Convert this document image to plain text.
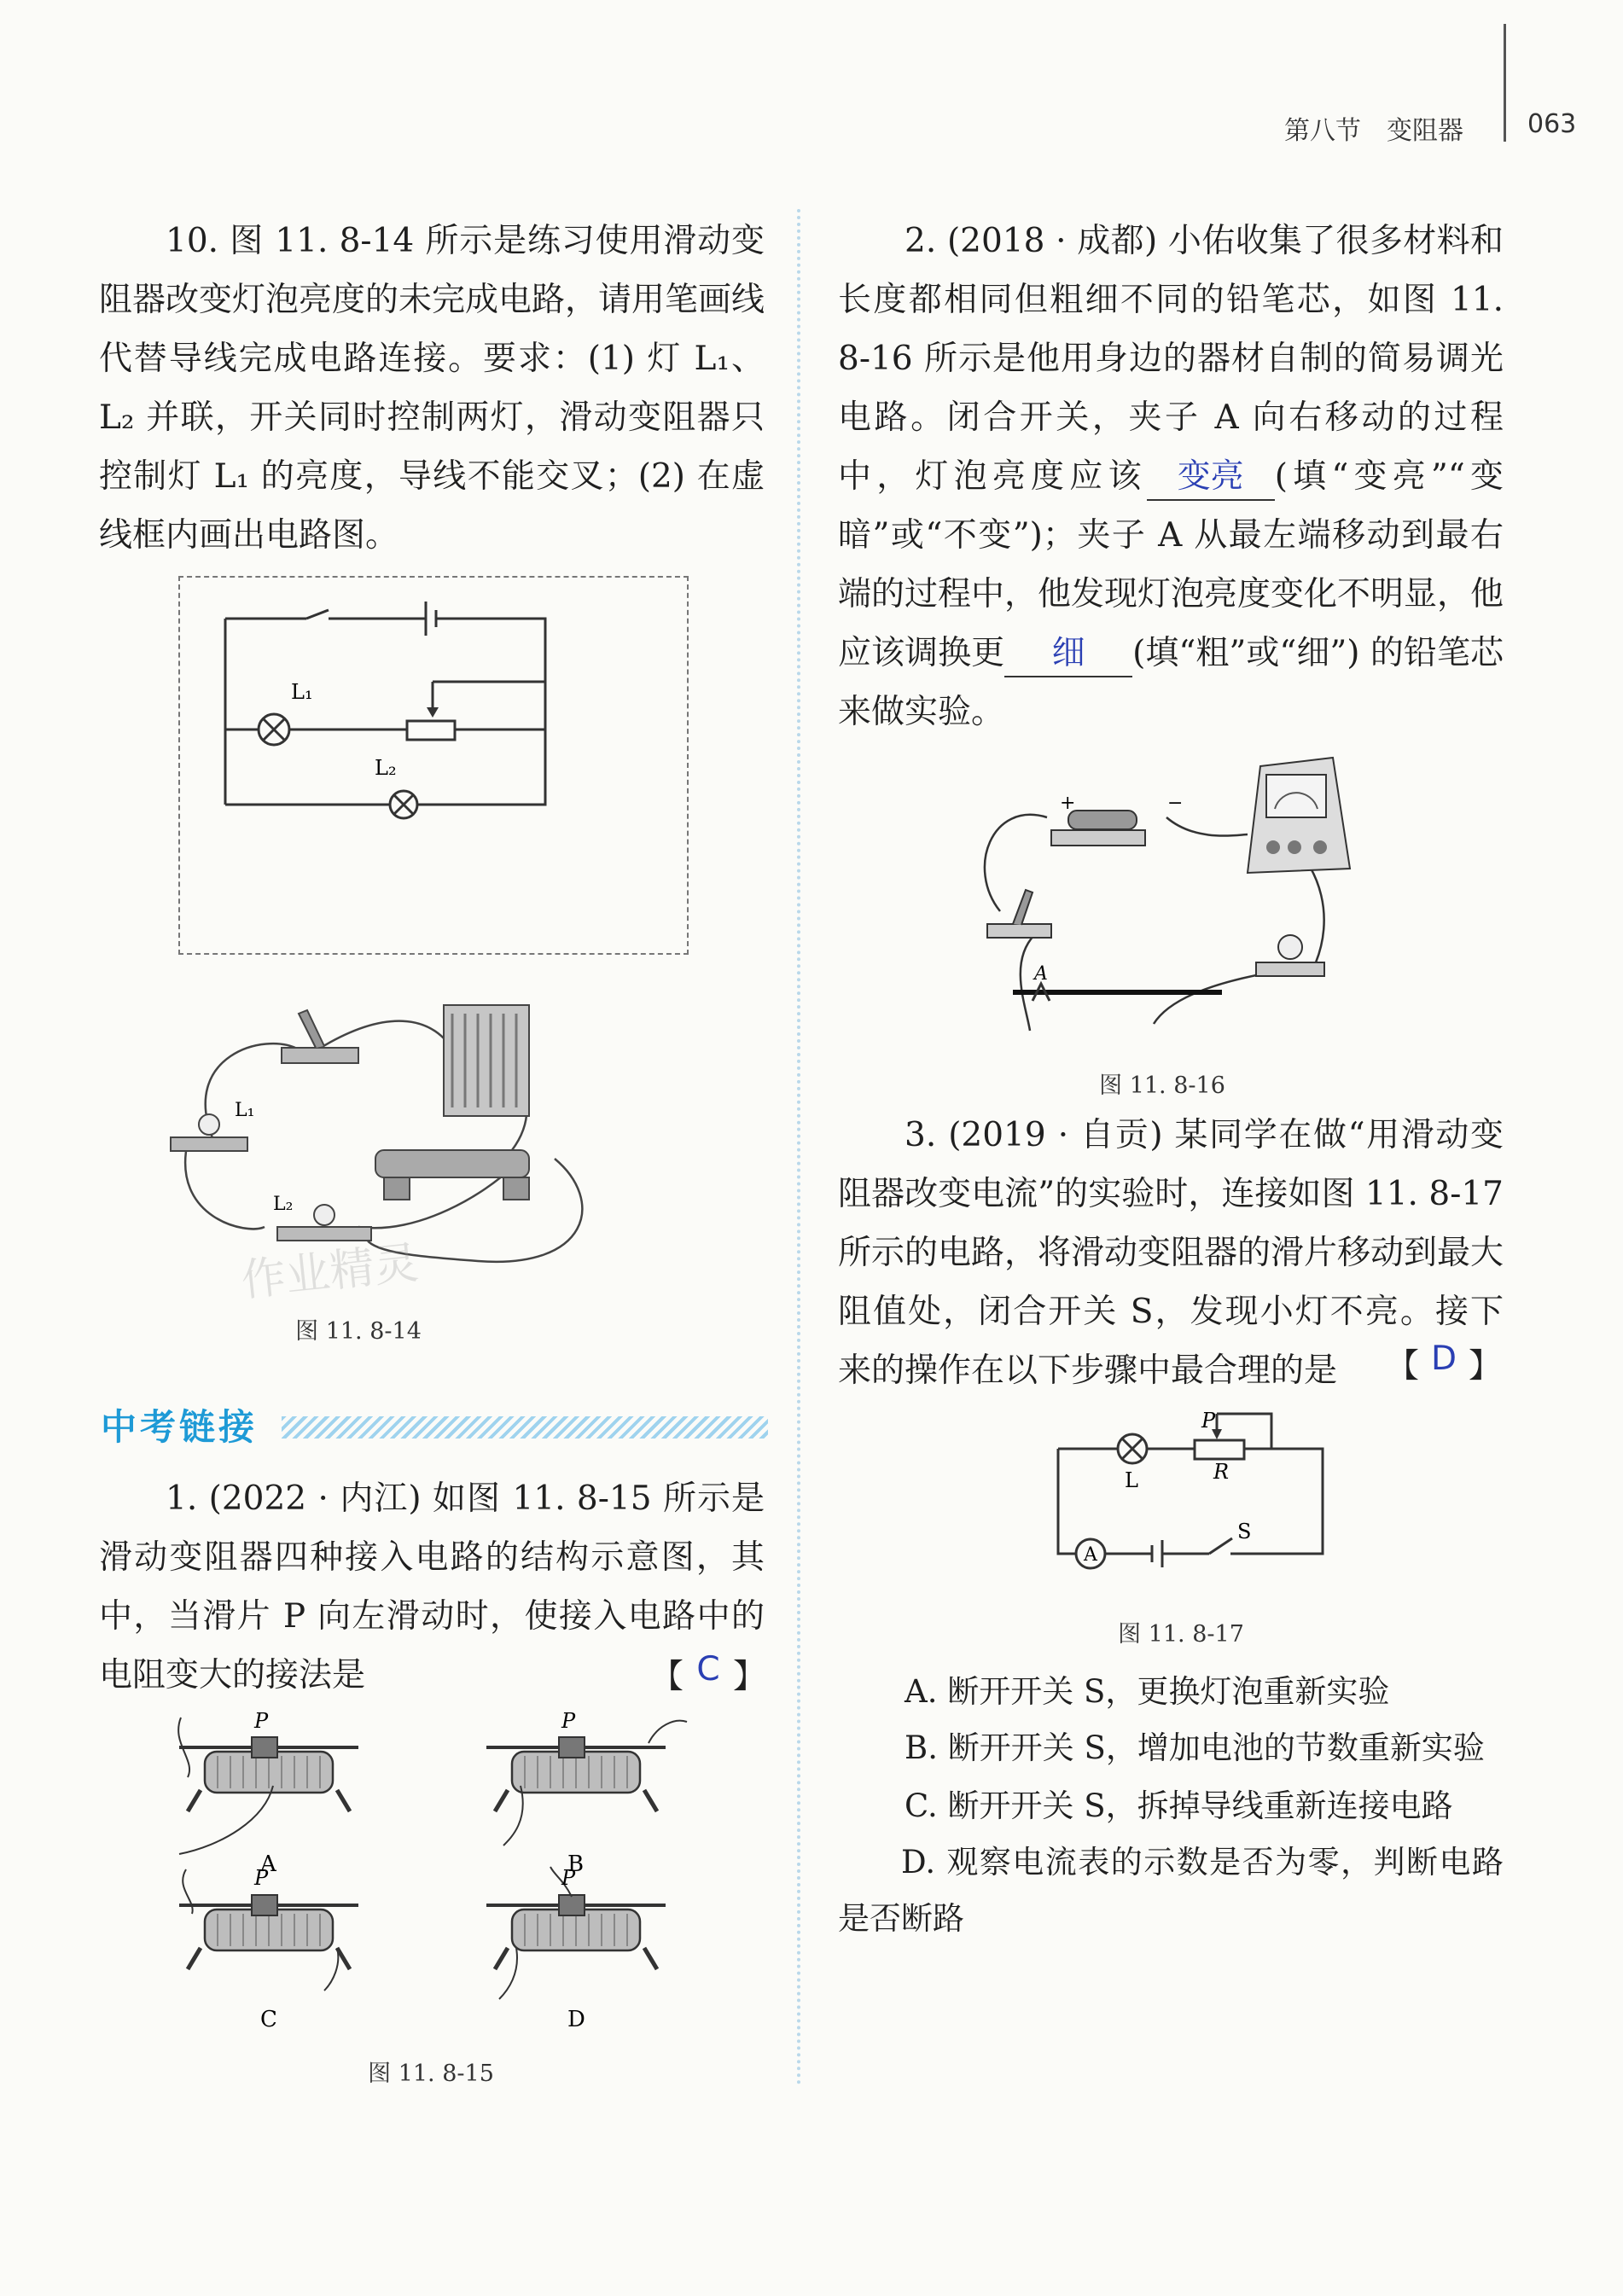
第八节　变阻器	063
10. 图 11. 8-14 所示是练习使用滑动变阻器改变灯泡亮度的未完成电路，请用笔画线代替导线完成电路连接。要求：(1) 灯 L₁、L₂ 并联，开关同时控制两灯，滑动变阻器只控制灯 L₁ 的亮度，导线不能交叉；(2) 在虚线框内画出电路图。
L₁
L₂
L₁
L₂
作业精灵
图 11. 8-14
中考链接
1. (2022 · 内江) 如图 11. 8-15 所示是滑动变阻器四种接入电路的结构示意图，其中，当滑片 P 向左滑动时，使接入电路中的电阻变大的接法是	【 C 】
P
A
P
B
P
C
P
D
图 11. 8-15
2. (2018 · 成都) 小佑收集了很多材料和长度都相同但粗细不同的铅笔芯，如图 11. 8-16 所示是他用身边的器材自制的简易调光电路。闭合开关，夹子 A 向右移动的过程中，灯泡亮度应该 变亮 (填“变亮”“变暗”或“不变”)；夹子 A 从最左端移动到最右端的过程中，他发现灯泡亮度变化不明显，他应该调换更 细 (填“粗”或“细”) 的铅笔芯来做实验。
+	−
A
图 11. 8-16
3. (2019 · 自贡) 某同学在做“用滑动变阻器改变电流”的实验时，连接如图 11. 8-17 所示的电路，将滑动变阻器的滑片移动到最大阻值处，闭合开关 S，发现小灯不亮。接下来的操作在以下步骤中最合理的是	【 D 】
A
P
R
L
S
图 11. 8-17
A. 断开开关 S，更换灯泡重新实验
B. 断开开关 S，增加电池的节数重新实验
C. 断开开关 S，拆掉导线重新连接电路
D. 观察电流表的示数是否为零，判断电路是否断路
